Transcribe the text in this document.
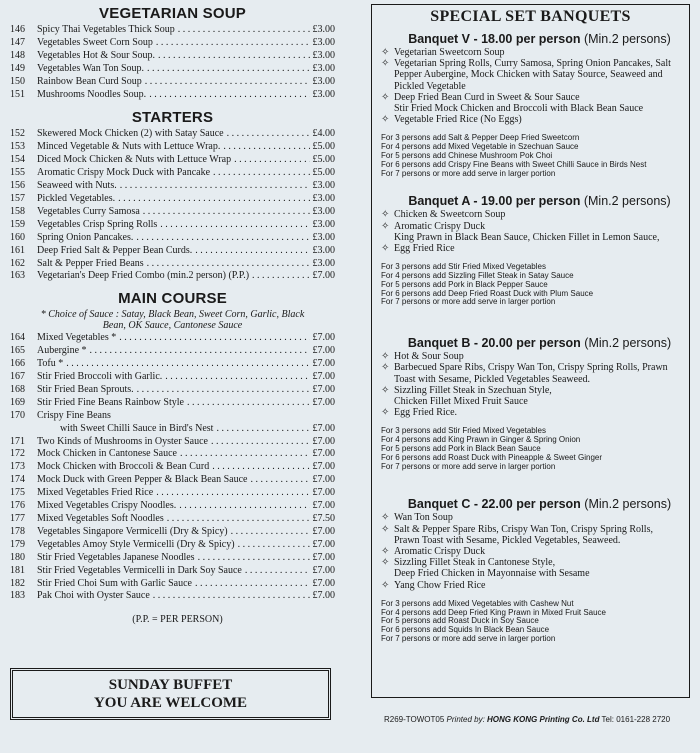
VEGETARIAN SOUP
146	Spicy Thai Vegetables Thick Soup . . .	£3.00
147	Vegetables Sweet Corn Soup . . .	£3.00
148	Vegetables Hot & Sour Soup. . . .	£3.00
149	Vegetables Wan Ton Soup. . . .	£3.00
150	Rainbow Bean Curd Soup . . .	£3.00
151	Mushrooms Noodles Soup. . . .	£3.00
STARTERS
152	Skewered Mock Chicken (2) with Satay Sauce . . .	£4.00
153	Minced Vegetable & Nuts with Lettuce Wrap. . . .	£5.00
154	Diced Mock Chicken & Nuts with Lettuce Wrap . . .	£5.00
155	Aromatic Crispy Mock Duck with Pancake . . .	£5.00
156	Seaweed with Nuts. . . .	£3.00
157	Pickled Vegetables. . . .	£3.00
158	Vegetables Curry Samosa . . .	£3.00
159	Vegetables Crisp Spring Rolls . . .	£3.00
160	Spring Onion Pancakes. . . .	£3.00
161	Deep Fried Salt & Pepper Bean Curds. . . .	£3.00
162	Salt & Pepper Fried Beans . . .	£3.00
163	Vegetarian's Deep Fried Combo (min.2 person) (P.P.) . . .	£7.00
MAIN COURSE
* Choice of Sauce : Satay, Black Bean, Sweet Corn, Garlic, Black Bean, OK Sauce, Cantonese Sauce
164	Mixed Vegetables * . . .	£7.00
165	Aubergine * . . .	£7.00
166	Tofu * . . .	£7.00
167	Stir Fried Broccoli with Garlic. . . .	£7.00
168	Stir Fried Bean Sprouts. . . .	£7.00
169	Stir Fried Fine Beans Rainbow Style . . .	£7.00
170	Crispy Fine Beans
with Sweet Chilli Sauce in Bird's Nest . . .	£7.00
171	Two Kinds of Mushrooms in Oyster Sauce . . .	£7.00
172	Mock Chicken in Cantonese Sauce . . .	£7.00
173	Mock Chicken with Broccoli & Bean Curd . . .	£7.00
174	Mock Duck with Green Pepper & Black Bean Sauce . . .	£7.00
175	Mixed Vegetables Fried Rice . . .	£7.00
176	Mixed Vegetables Crispy Noodles. . . .	£7.00
177	Mixed Vegetables Soft Noodles . . .	£7.50
178	Vegetables Singapore Vermicelli (Dry & Spicy) . . .	£7.00
179	Vegetables Amoy Style Vermicelli (Dry & Spicy) . . .	£7.00
180	Stir Fried Vegetables Japanese Noodles . . .	£7.00
181	Stir Fried Vegetables Vermicelli in Dark Soy Sauce . . .	£7.00
182	Stir Fried Choi Sum with Garlic Sauce . . .	£7.00
183	Pak Choi with Oyster Sauce . . .	£7.00
(P.P. = PER PERSON)
SUNDAY BUFFET
YOU ARE WELCOME
SPECIAL SET BANQUETS
Banquet V - 18.00 per person (Min.2 persons)
✧ Vegetarian Sweetcorn Soup
✧ Vegetarian Spring Rolls, Curry Samosa, Spring Onion Pancakes, Salt Pepper Aubergine, Mock Chicken with Satay Source, Seaweed and Pickled Vegetable
✧ Deep Fried Bean Curd in Sweet & Sour Sauce
Stir Fried Mock Chicken and Broccoli with Black Bean Sauce
✧ Vegetable Fried Rice (No Eggs)
For 3 persons add Salt & Pepper Deep Fried Sweetcorn
For 4 persons add Mixed Vegetable in Szechuan Sauce
For 5 persons add Chinese Mushroom Pok Choi
For 6 persons add Crispy Fine Beans with Sweet Chilli Sauce in Birds Nest
For 7 persons or more add serve in larger portion
Banquet A - 19.00 per person (Min.2 persons)
✧ Chicken & Sweetcorn Soup
✧ Aromatic Crispy Duck
King Prawn in Black Bean Sauce, Chicken Fillet in Lemon Sauce,
✧ Egg Fried Rice
For 3 persons add Stir Fried Mixed Vegetables
For 4 persons add Sizzling Fillet Steak in Satay Sauce
For 5 persons add Pork in Black Pepper Sauce
For 6 persons add Deep Fried Roast Duck with Plum Sauce
For 7 persons or more add serve in larger portion
Banquet B - 20.00 per person (Min.2 persons)
✧ Hot & Sour Soup
✧ Barbecued Spare Ribs, Crispy Wan Ton, Crispy Spring Rolls, Prawn Toast with Sesame, Pickled Vegetables Seaweed.
✧ Sizzling Fillet Steak in Szechuan Style,
Chicken Fillet Mixed Fruit Sauce
✧ Egg Fried Rice.
For 3 persons add Stir Fried Mixed Vegetables
For 4 persons add King Prawn in Ginger & Spring Onion
For 5 persons add Pork in Black Bean Sauce
For 6 persons add Roast Duck with Pineapple & Sweet Ginger
For 7 persons or more add serve in larger portion
Banquet C - 22.00 per person (Min.2 persons)
✧ Wan Ton Soup
✧ Salt & Pepper Spare Ribs, Crispy Wan Ton, Crispy Spring Rolls, Prawn Toast with Sesame, Pickled Vegetables, Seaweed.
✧ Aromatic Crispy Duck
✧ Sizzling Fillet Steak in Cantonese Style,
Deep Fried Chicken in Mayonnaise with Sesame
✧ Yang Chow Fried Rice
For 3 persons add Mixed Vegetables with Cashew Nut
For 4 persons add Deep Fried King Prawn in Mixed Fruit Sauce
For 5 persons add Roast Duck in Soy Sauce
For 6 persons add Squids In Black Bean Sauce
For 7 persons or more add serve in larger portion
R269-TOWOT05 Printed by: HONG KONG Printing Co. Ltd Tel: 0161-228 2720
